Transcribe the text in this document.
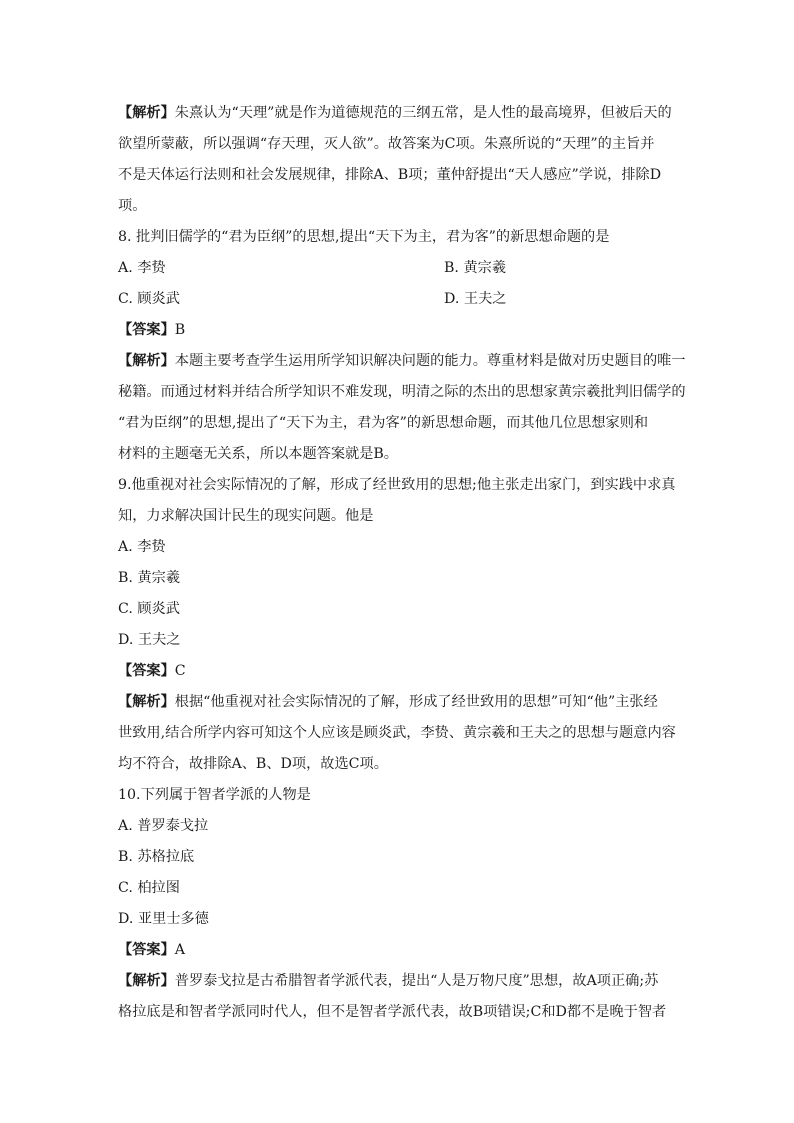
【解析】朱熹认为“天理”就是作为道德规范的三纲五常，是人性的最高境界，但被后天的
欲望所蒙蔽，所以强调“存天理，灭人欲”。故答案为C项。朱熹所说的“天理”的主旨并
不是天体运行法则和社会发展规律，排除A、B项；董仲舒提出“天人感应”学说，排除D
项。
8. 批判旧儒学的“君为臣纲”的思想,提出“天下为主，君为客”的新思想命题的是
A. 李贽	B. 黄宗羲
C. 顾炎武	D. 王夫之
【答案】B
【解析】本题主要考查学生运用所学知识解决问题的能力。尊重材料是做对历史题目的唯一
秘籍。而通过材料并结合所学知识不难发现，明清之际的杰出的思想家黄宗羲批判旧儒学的
“君为臣纲”的思想,提出了“天下为主，君为客”的新思想命题，而其他几位思想家则和
材料的主题毫无关系，所以本题答案就是B。
9.他重视对社会实际情况的了解，形成了经世致用的思想;他主张走出家门，到实践中求真
知，力求解决国计民生的现实问题。他是
A. 李贽
B. 黄宗羲
C. 顾炎武
D. 王夫之
【答案】C
【解析】根据“他重视对社会实际情况的了解，形成了经世致用的思想”可知“他”主张经
世致用,结合所学内容可知这个人应该是顾炎武，李贽、黄宗羲和王夫之的思想与题意内容
均不符合，故排除A、B、D项，故选C项。
10.下列属于智者学派的人物是
A. 普罗泰戈拉
B. 苏格拉底
C. 柏拉图
D. 亚里士多德
【答案】A
【解析】普罗泰戈拉是古希腊智者学派代表，提出“人是万物尺度”思想，故A项正确;苏
格拉底是和智者学派同时代人，但不是智者学派代表，故B项错误;C和D都不是晚于智者
